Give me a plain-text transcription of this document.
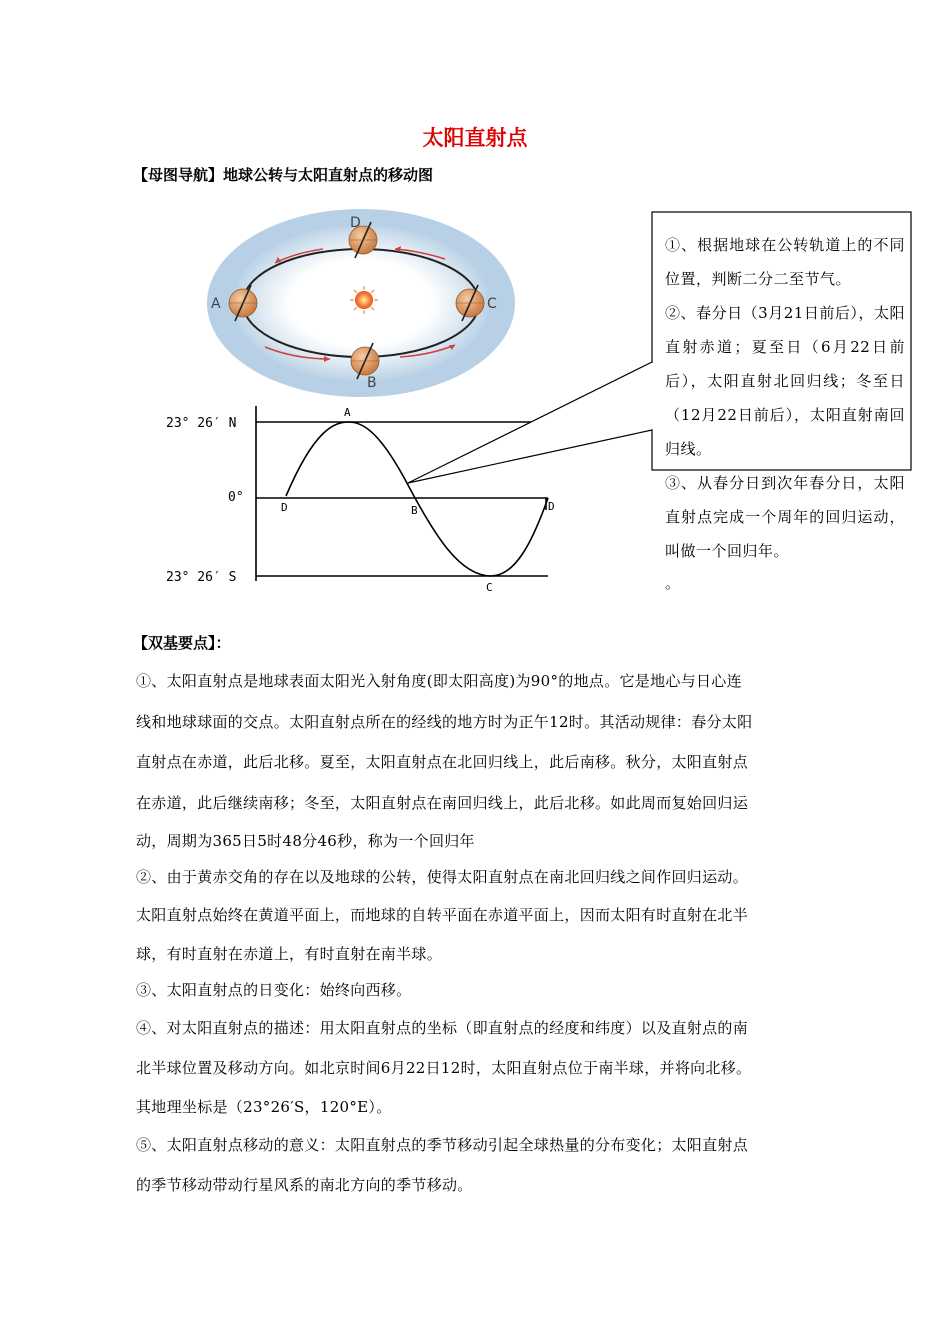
太阳直射点
【母图导航】地球公转与太阳直射点的移动图
D
B
A	C
23° 26′ N
0°
23° 26′ S
D
A
B
C
D

①、根据地球在公转轨道上的不同位置，判断二分二至节气。

②、春分日（3月21日前后），太阳直射赤道；夏至日（6月22日前后），太阳直射北回归线；冬至日（12月22日前后），太阳直射南回归线。

③、从春分日到次年春分日，太阳直射点完成一个周年的回归运动，叫做一个回归年。

。

【双基要点】：

①、太阳直射点是地球表面太阳光入射角度(即太阳高度)为90°的地点。它是地心与日心连

线和地球球面的交点。太阳直射点所在的经线的地方时为正午12时。其活动规律：春分太阳

直射点在赤道，此后北移。夏至，太阳直射点在北回归线上，此后南移。秋分，太阳直射点

在赤道，此后继续南移；冬至，太阳直射点在南回归线上，此后北移。如此周而复始回归运

动，周期为365日5时48分46秒，称为一个回归年

②、由于黄赤交角的存在以及地球的公转，使得太阳直射点在南北回归线之间作回归运动。

太阳直射点始终在黄道平面上，而地球的自转平面在赤道平面上，因而太阳有时直射在北半

球，有时直射在赤道上，有时直射在南半球。

③、太阳直射点的日变化：始终向西移。

④、对太阳直射点的描述：用太阳直射点的坐标（即直射点的经度和纬度）以及直射点的南

北半球位置及移动方向。如北京时间6月22日12时，太阳直射点位于南半球，并将向北移。

其地理坐标是（23°26′S，120°E）。

⑤、太阳直射点移动的意义：太阳直射点的季节移动引起全球热量的分布变化；太阳直射点

的季节移动带动行星风系的南北方向的季节移动。
